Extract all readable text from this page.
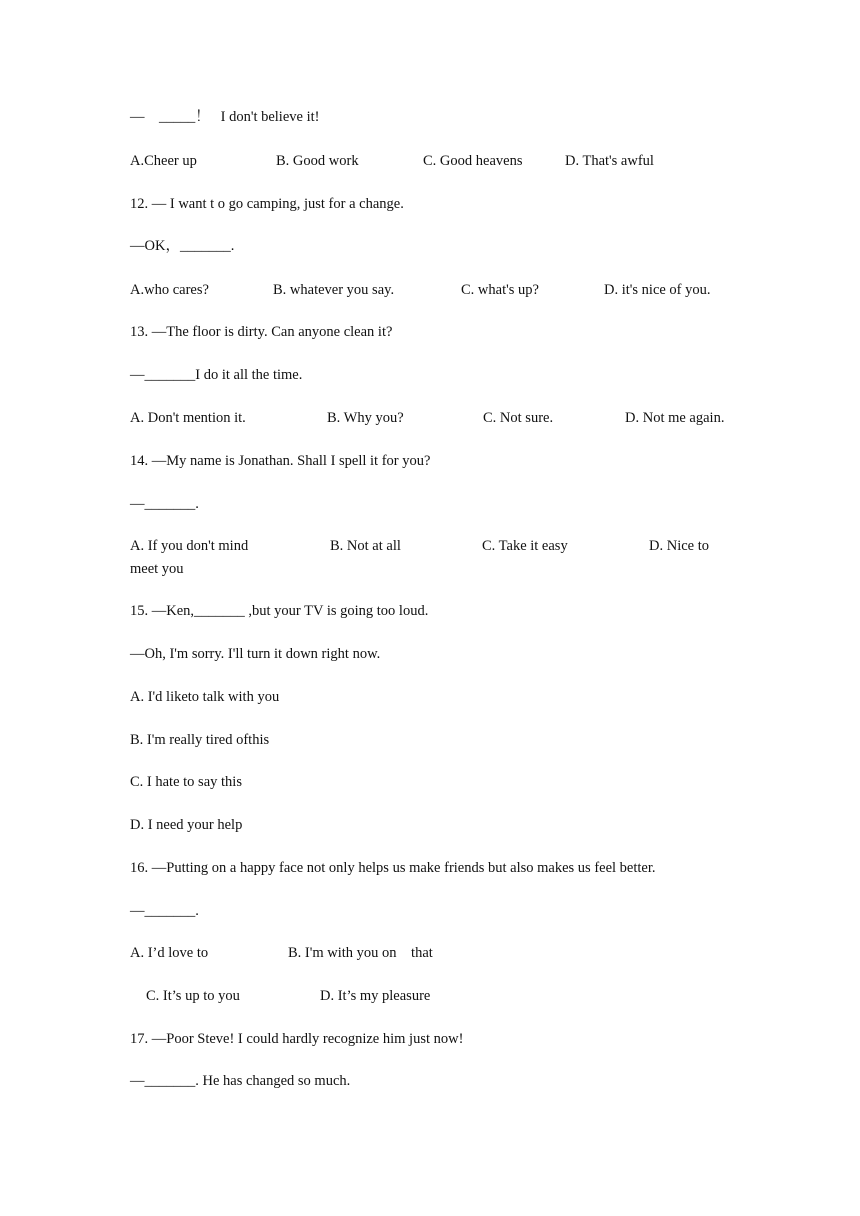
—    _____！   I don't believe it!
A.Cheer up	B. Good work	C. Good heavens	D. That's awful
12. — I want t o go camping, just for a change.
—OK，_______.
A.who cares?	B. whatever you say.	C. what's up?	D. it's nice of you.
13. —The floor is dirty. Can anyone clean it?
—_______I do it all the time.
A. Don't mention it.	B. Why you?	C. Not sure.	D. Not me again.
14. —My name is Jonathan. Shall I spell it for you?
—_______.
A. If you don't mind	B. Not at all	C. Take it easy	D. Nice to
meet you
15. —Ken,_______ ,but your TV is going too loud.
—Oh, I'm sorry. I'll turn it down right now.
A. I'd liketo talk with you
B. I'm really tired ofthis
C. I hate to say this
D. I need your help
16. —Putting on a happy face not only helps us make friends but also makes us feel better.
—_______.
A. I’d love to	B. I'm with you on    that
C. It’s up to you	D. It’s my pleasure
17. —Poor Steve! I could hardly recognize him just now!
—_______. He has changed so much.
